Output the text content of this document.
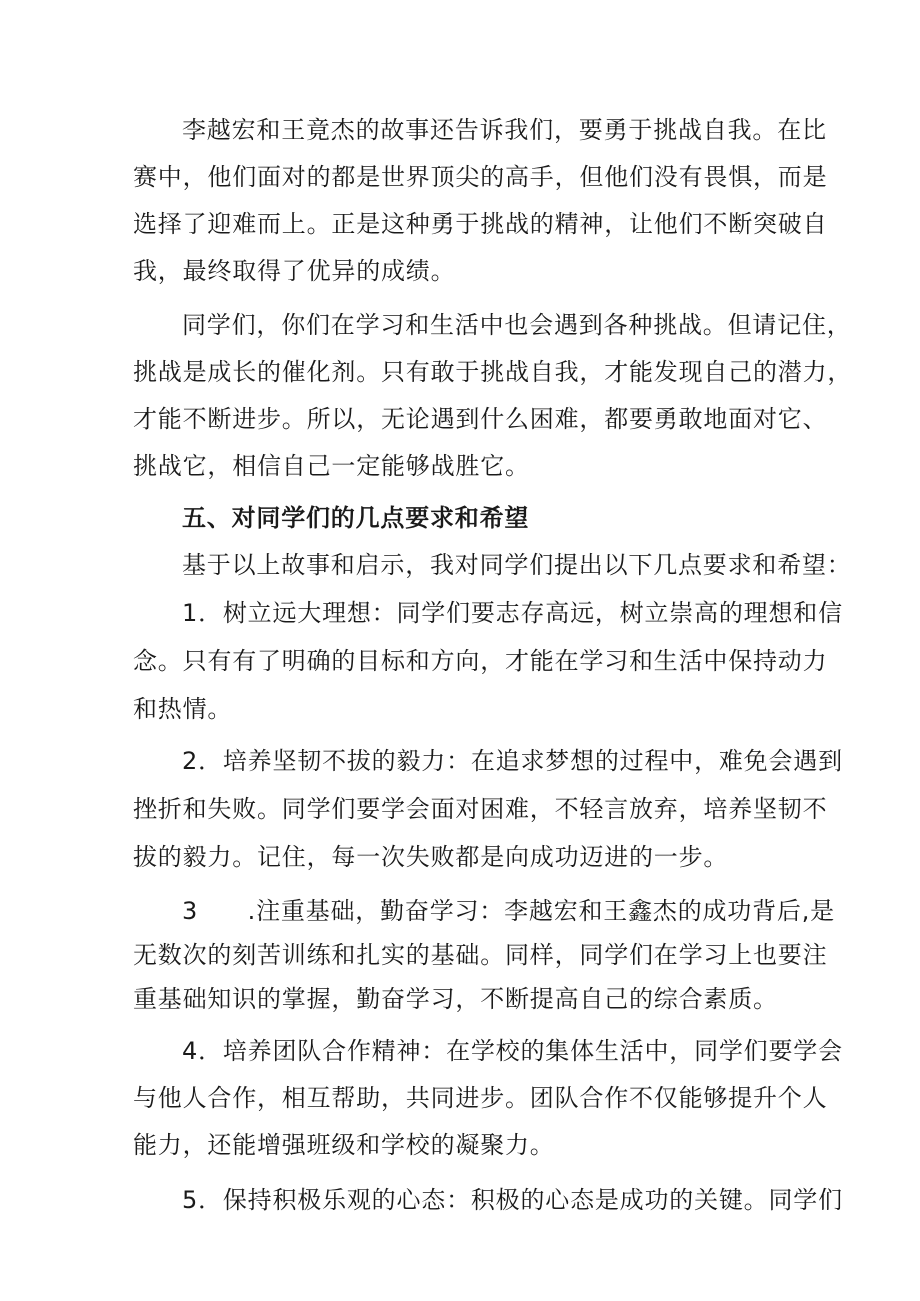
李越宏和王竟杰的故事还告诉我们，要勇于挑战自我。在比

赛中，他们面对的都是世界顶尖的高手，但他们没有畏惧，而是

选择了迎难而上。正是这种勇于挑战的精神，让他们不断突破自

我，最终取得了优异的成绩。

同学们，你们在学习和生活中也会遇到各种挑战。但请记住，

挑战是成长的催化剂。只有敢于挑战自我，才能发现自己的潜力，

才能不断进步。所以，无论遇到什么困难，都要勇敢地面对它、

挑战它，相信自己一定能够战胜它。

五、对同学们的几点要求和希望

基于以上故事和启示，我对同学们提出以下几点要求和希望：

1．树立远大理想：同学们要志存高远，树立崇高的理想和信

念。只有有了明确的目标和方向，才能在学习和生活中保持动力

和热情。

2．培养坚韧不拔的毅力：在追求梦想的过程中，难免会遇到

挫折和失败。同学们要学会面对困难，不轻言放弃，培养坚韧不

拔的毅力。记住，每一次失败都是向成功迈进的一步。

3　　.注重基础，勤奋学习：李越宏和王鑫杰的成功背后,是

无数次的刻苦训练和扎实的基础。同样，同学们在学习上也要注

重基础知识的掌握，勤奋学习，不断提高自己的综合素质。

4．培养团队合作精神：在学校的集体生活中，同学们要学会

与他人合作，相互帮助，共同进步。团队合作不仅能够提升个人

能力，还能增强班级和学校的凝聚力。

5．保持积极乐观的心态：积极的心态是成功的关键。同学们
